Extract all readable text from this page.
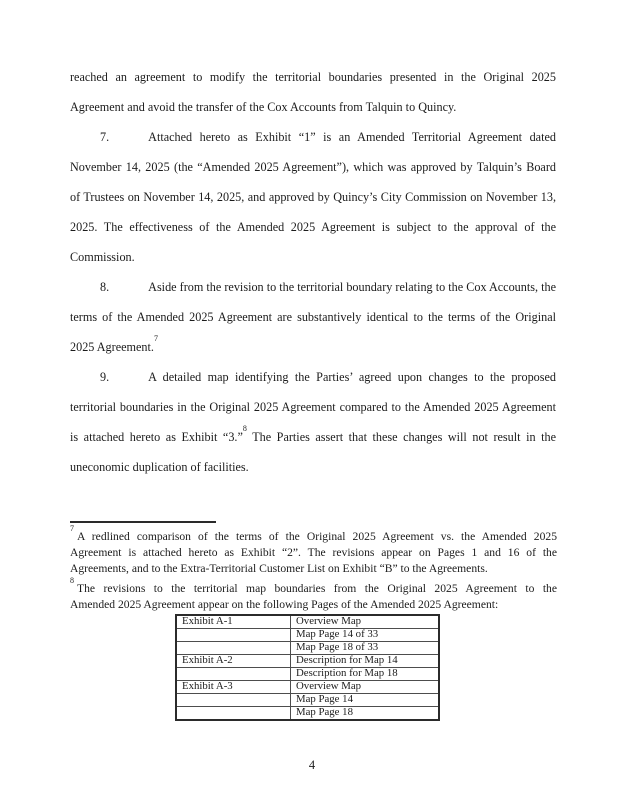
reached an agreement to modify the territorial boundaries presented in the Original 2025
Agreement and avoid the transfer of the Cox Accounts from Talquin to Quincy.
7.	Attached hereto as Exhibit “1” is an Amended Territorial Agreement dated
November 14, 2025 (the “Amended 2025 Agreement”), which was approved by Talquin’s Board
of Trustees on November 14, 2025, and approved by Quincy’s City Commission on November 13,
2025. The effectiveness of the Amended 2025 Agreement is subject to the approval of the
Commission.
8.	Aside from the revision to the territorial boundary relating to the Cox Accounts, the
terms of the Amended 2025 Agreement are substantively identical to the terms of the Original
2025 Agreement.$^7$
9.	A detailed map identifying the Parties’ agreed upon changes to the proposed
territorial boundaries in the Original 2025 Agreement compared to the Amended 2025 Agreement
is attached hereto as Exhibit “3.”$^8$ The Parties assert that these changes will not result in the
uneconomic duplication of facilities.
$^7$A redlined comparison of the terms of the Original 2025 Agreement vs. the Amended 2025
Agreement is attached hereto as Exhibit “2”. The revisions appear on Pages 1 and 16 of the
Agreements, and to the Extra-Territorial Customer List on Exhibit “B” to the Agreements.
$^8$The revisions to the territorial map boundaries from the Original 2025 Agreement to the
Amended 2025 Agreement appear on the following Pages of the Amended 2025 Agreement:
Exhibit A-1	Overview Map
	Map Page 14 of 33
	Map Page 18 of 33
Exhibit A-2	Description for Map 14
	Description for Map 18
Exhibit A-3	Overview Map
	Map Page 14
	Map Page 18
4
